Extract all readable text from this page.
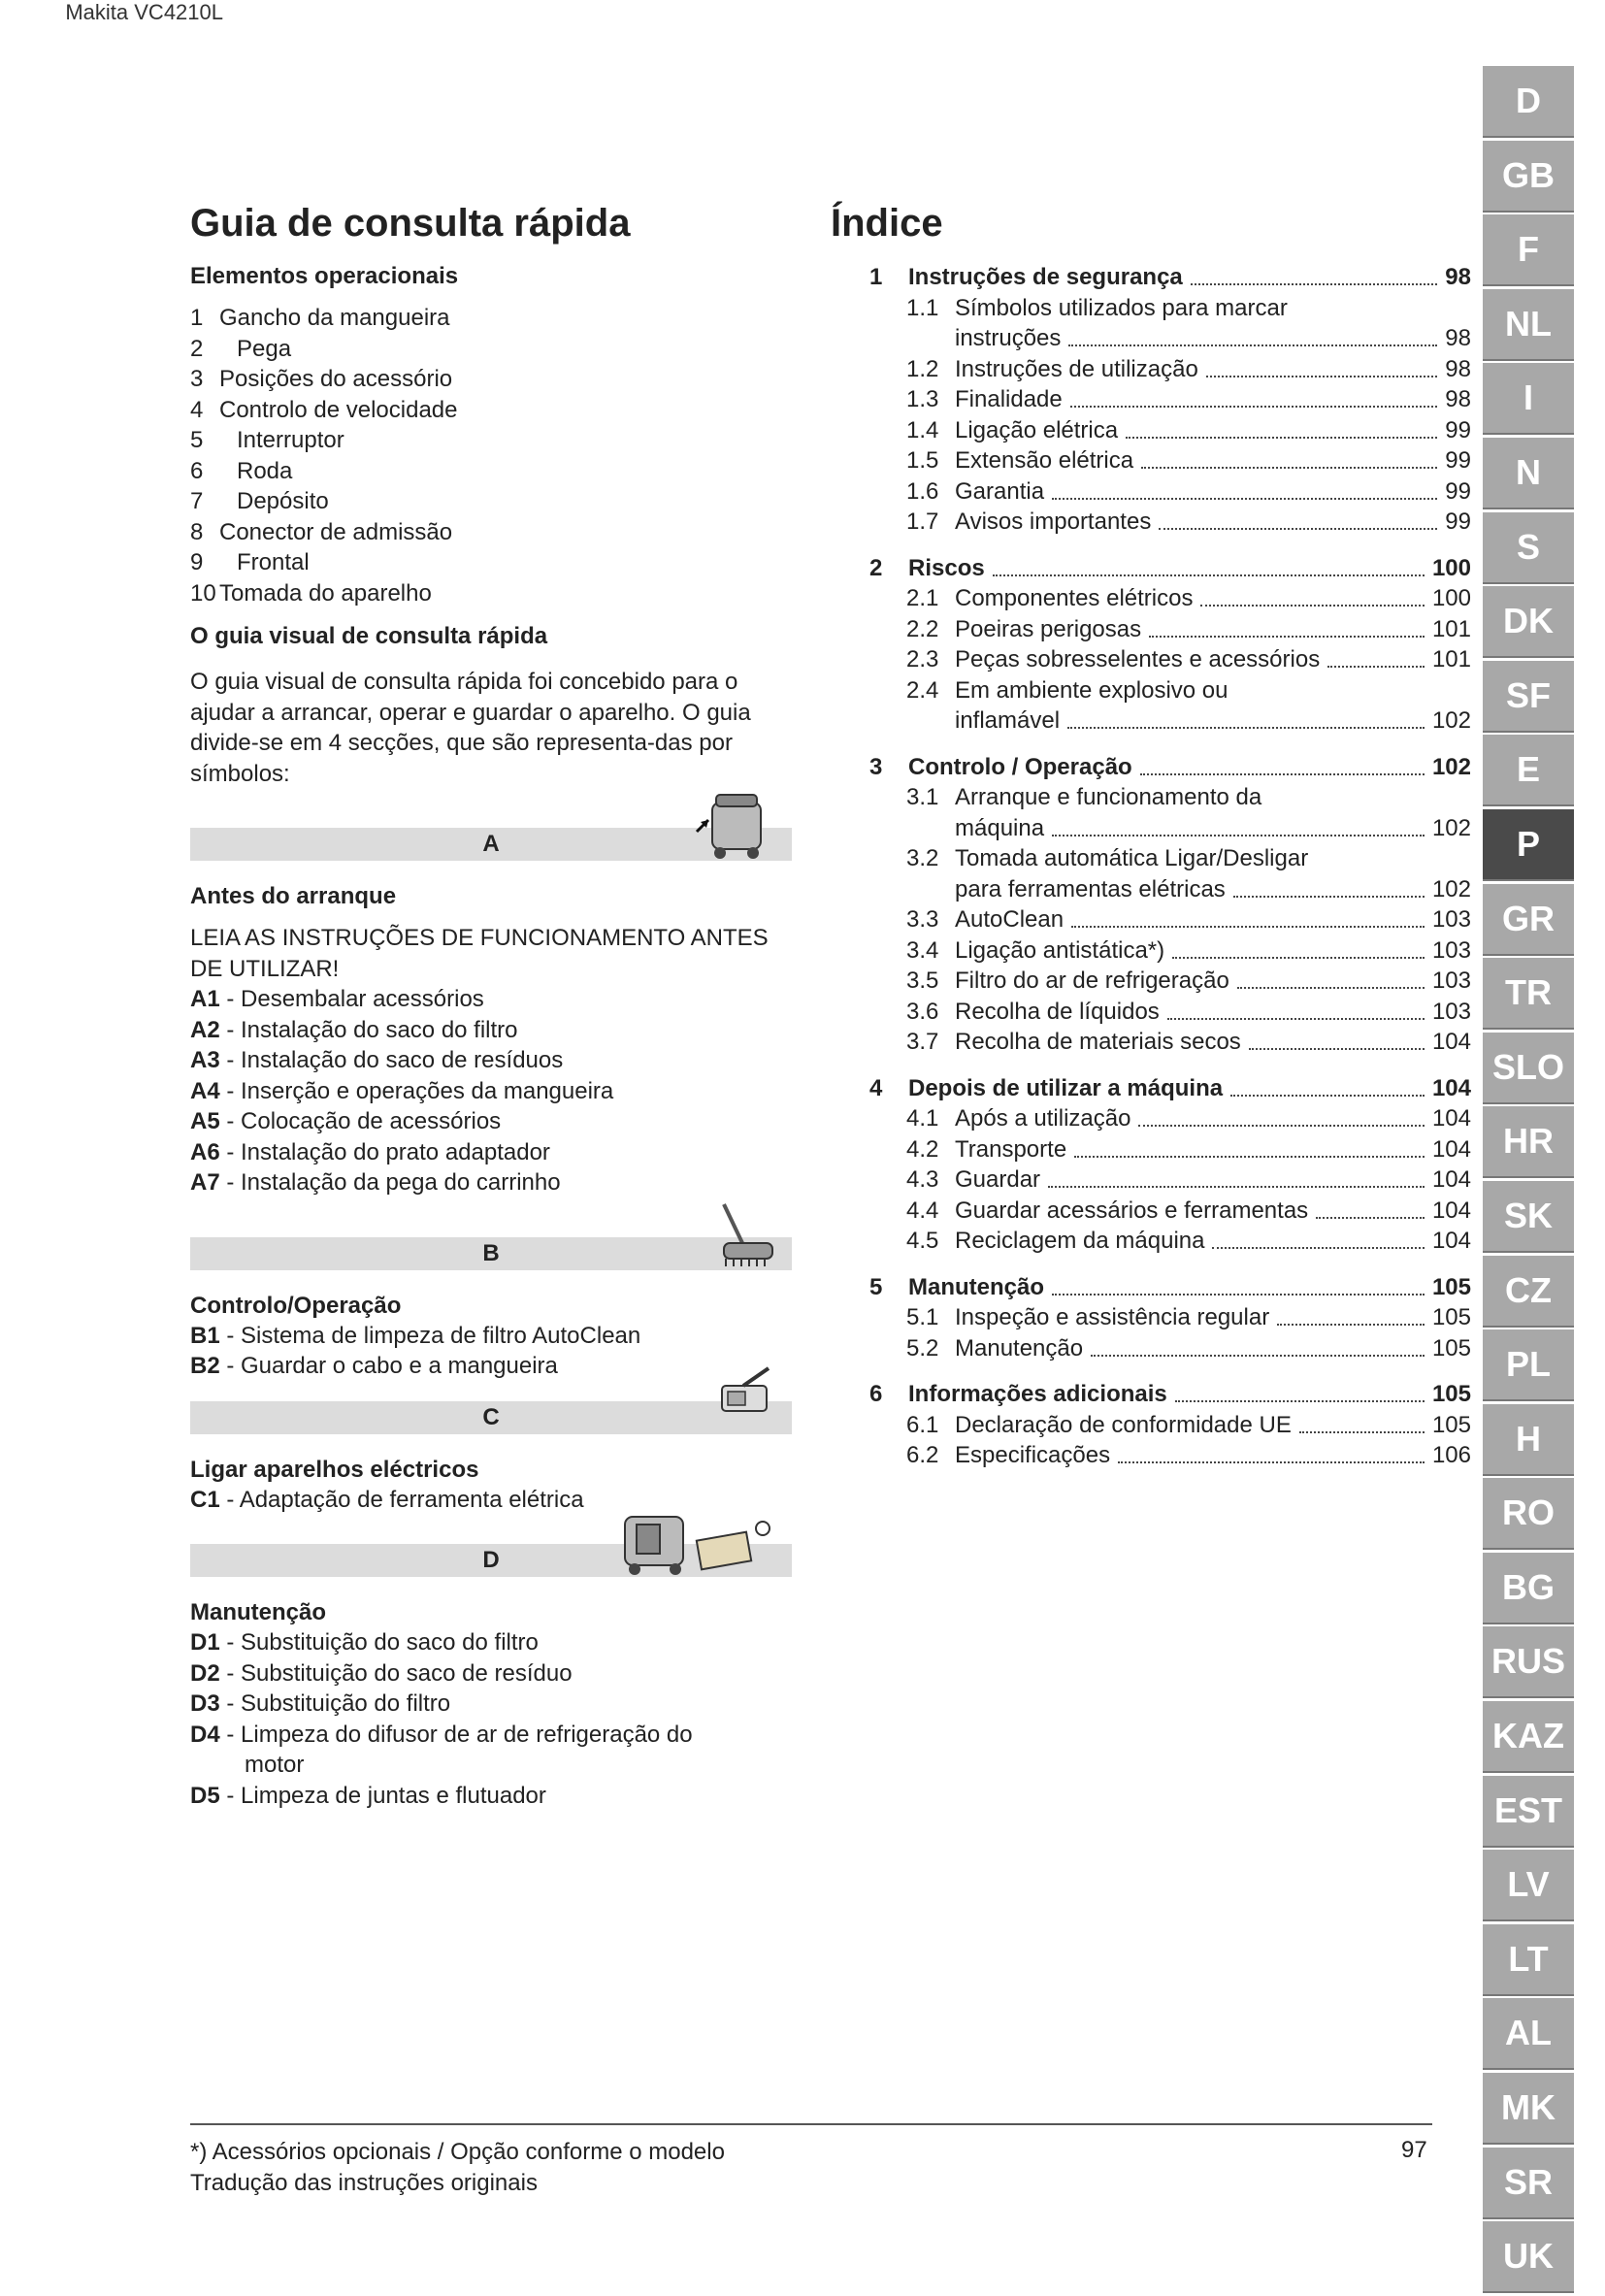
Makita VC4210L
Guia de consulta rápida
Elementos operacionais
1 Gancho da mangueira
2 Pega
3 Posições do acessório
4 Controlo de velocidade
5 Interruptor
6 Roda
7 Depósito
8 Conector de admissão
9 Frontal
10 Tomada do aparelho
O guia visual de consulta rápida

O guia visual de consulta rápida foi concebido para o ajudar a arrancar, operar e guardar o aparelho. O guia divide-se em 4 secções, que são representa-das por símbolos:

A
Antes do arranque

LEIA AS INSTRUÇÕES DE FUNCIONAMENTO ANTES DE UTILIZAR!

A1 - Desembalar acessórios
A2 - Instalação do saco do filtro
A3 - Instalação do saco de resíduos
A4 - Inserção e operações da mangueira
A5 - Colocação de acessórios
A6 - Instalação do prato adaptador
A7 - Instalação da pega do carrinho
B
Controlo/Operação
B1 - Sistema de limpeza de filtro AutoClean
B2 - Guardar o cabo e a mangueira
C
Ligar aparelhos eléctricos
C1 - Adaptação de ferramenta elétrica
D
Manutenção
D1 - Substituição do saco do filtro
D2 - Substituição do saco de resíduo
D3 - Substituição do filtro
D4 - Limpeza do difusor de ar de refrigeração do
motor
D5 - Limpeza de juntas e flutuador
Índice
1 Instruções de segurança	98
1.1 Símbolos utilizados para marcar
instruções	98
1.2 Instruções de utilização	98
1.3 Finalidade	98
1.4 Ligação elétrica	99
1.5 Extensão elétrica	99
1.6 Garantia	99
1.7 Avisos importantes	99
2 Riscos	100
2.1 Componentes elétricos	100
2.2 Poeiras perigosas	101
2.3 Peças sobresselentes e acessórios	101
2.4 Em ambiente explosivo ou
inflamável	102
3 Controlo / Operação	102
3.1 Arranque e funcionamento da
máquina	102
3.2 Tomada automática Ligar/Desligar
para ferramentas elétricas	102
3.3 AutoClean	103
3.4 Ligação antistática*)	103
3.5 Filtro do ar de refrigeração	103
3.6 Recolha de líquidos	103
3.7 Recolha de materiais secos	104
4 Depois de utilizar a máquina	104
4.1 Após a utilização	104
4.2 Transporte	104
4.3 Guardar	104
4.4 Guardar acessários e ferramentas	104
4.5 Reciclagem da máquina	104
5 Manutenção	105
5.1 Inspeção e assistência regular	105
5.2 Manutenção	105
6 Informações adicionais	105
6.1 Declaração de conformidade UE	105
6.2 Especificações	106
D
GB
F
NL
I
N
S
DK
SF
E
P
GR
TR
SLO
HR
SK
CZ
PL
H
RO
BG
RUS
KAZ
EST
LV
LT
AL
MK
SR
UK
*) Acessórios opcionais / Opção conforme o modelo
Tradução das instruções originais
97
